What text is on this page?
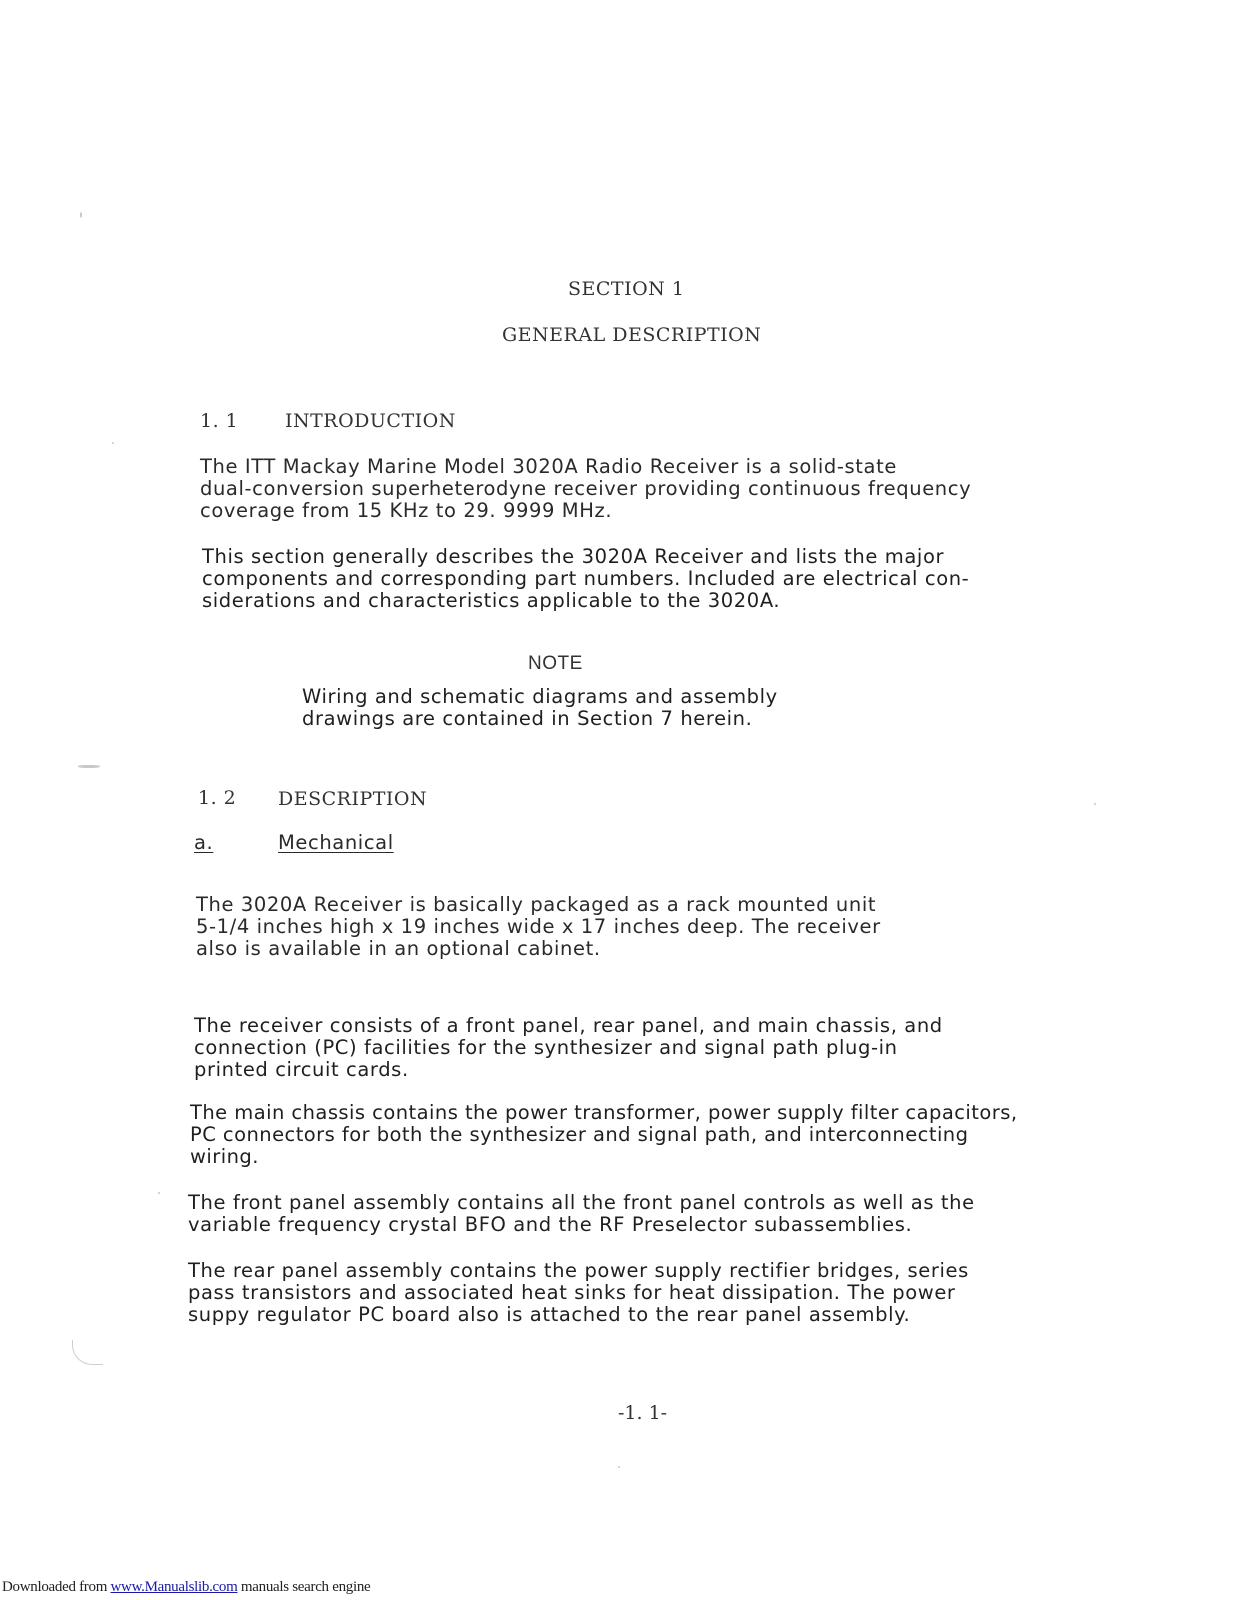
SECTION 1
GENERAL DESCRIPTION
1. 1 INTRODUCTION
The ITT Mackay Marine Model 3020A Radio Receiver is a solid-state
dual-conversion superheterodyne receiver providing continuous frequency
coverage from 15 KHz to 29. 9999 MHz.
This section generally describes the 3020A Receiver and lists the major
components and corresponding part numbers. Included are electrical con-
siderations and characteristics applicable to the 3020A.
NOTE
Wiring and schematic diagrams and assembly
drawings are contained in Section 7 herein.
1. 2 DESCRIPTION
a.	Mechanical
The 3020A Receiver is basically packaged as a rack mounted unit
5-1/4 inches high x 19 inches wide x 17 inches deep. The receiver
also is available in an optional cabinet.
The receiver consists of a front panel, rear panel, and main chassis, and
connection (PC) facilities for the synthesizer and signal path plug-in
printed circuit cards.
The main chassis contains the power transformer, power supply filter capacitors,
PC connectors for both the synthesizer and signal path, and interconnecting
wiring.
The front panel assembly contains all the front panel controls as well as the
variable frequency crystal BFO and the RF Preselector subassemblies.
The rear panel assembly contains the power supply rectifier bridges, series
pass transistors and associated heat sinks for heat dissipation. The power
suppy regulator PC board also is attached to the rear panel assembly.
-1. 1-
Downloaded from www.Manualslib.com manuals search engine
